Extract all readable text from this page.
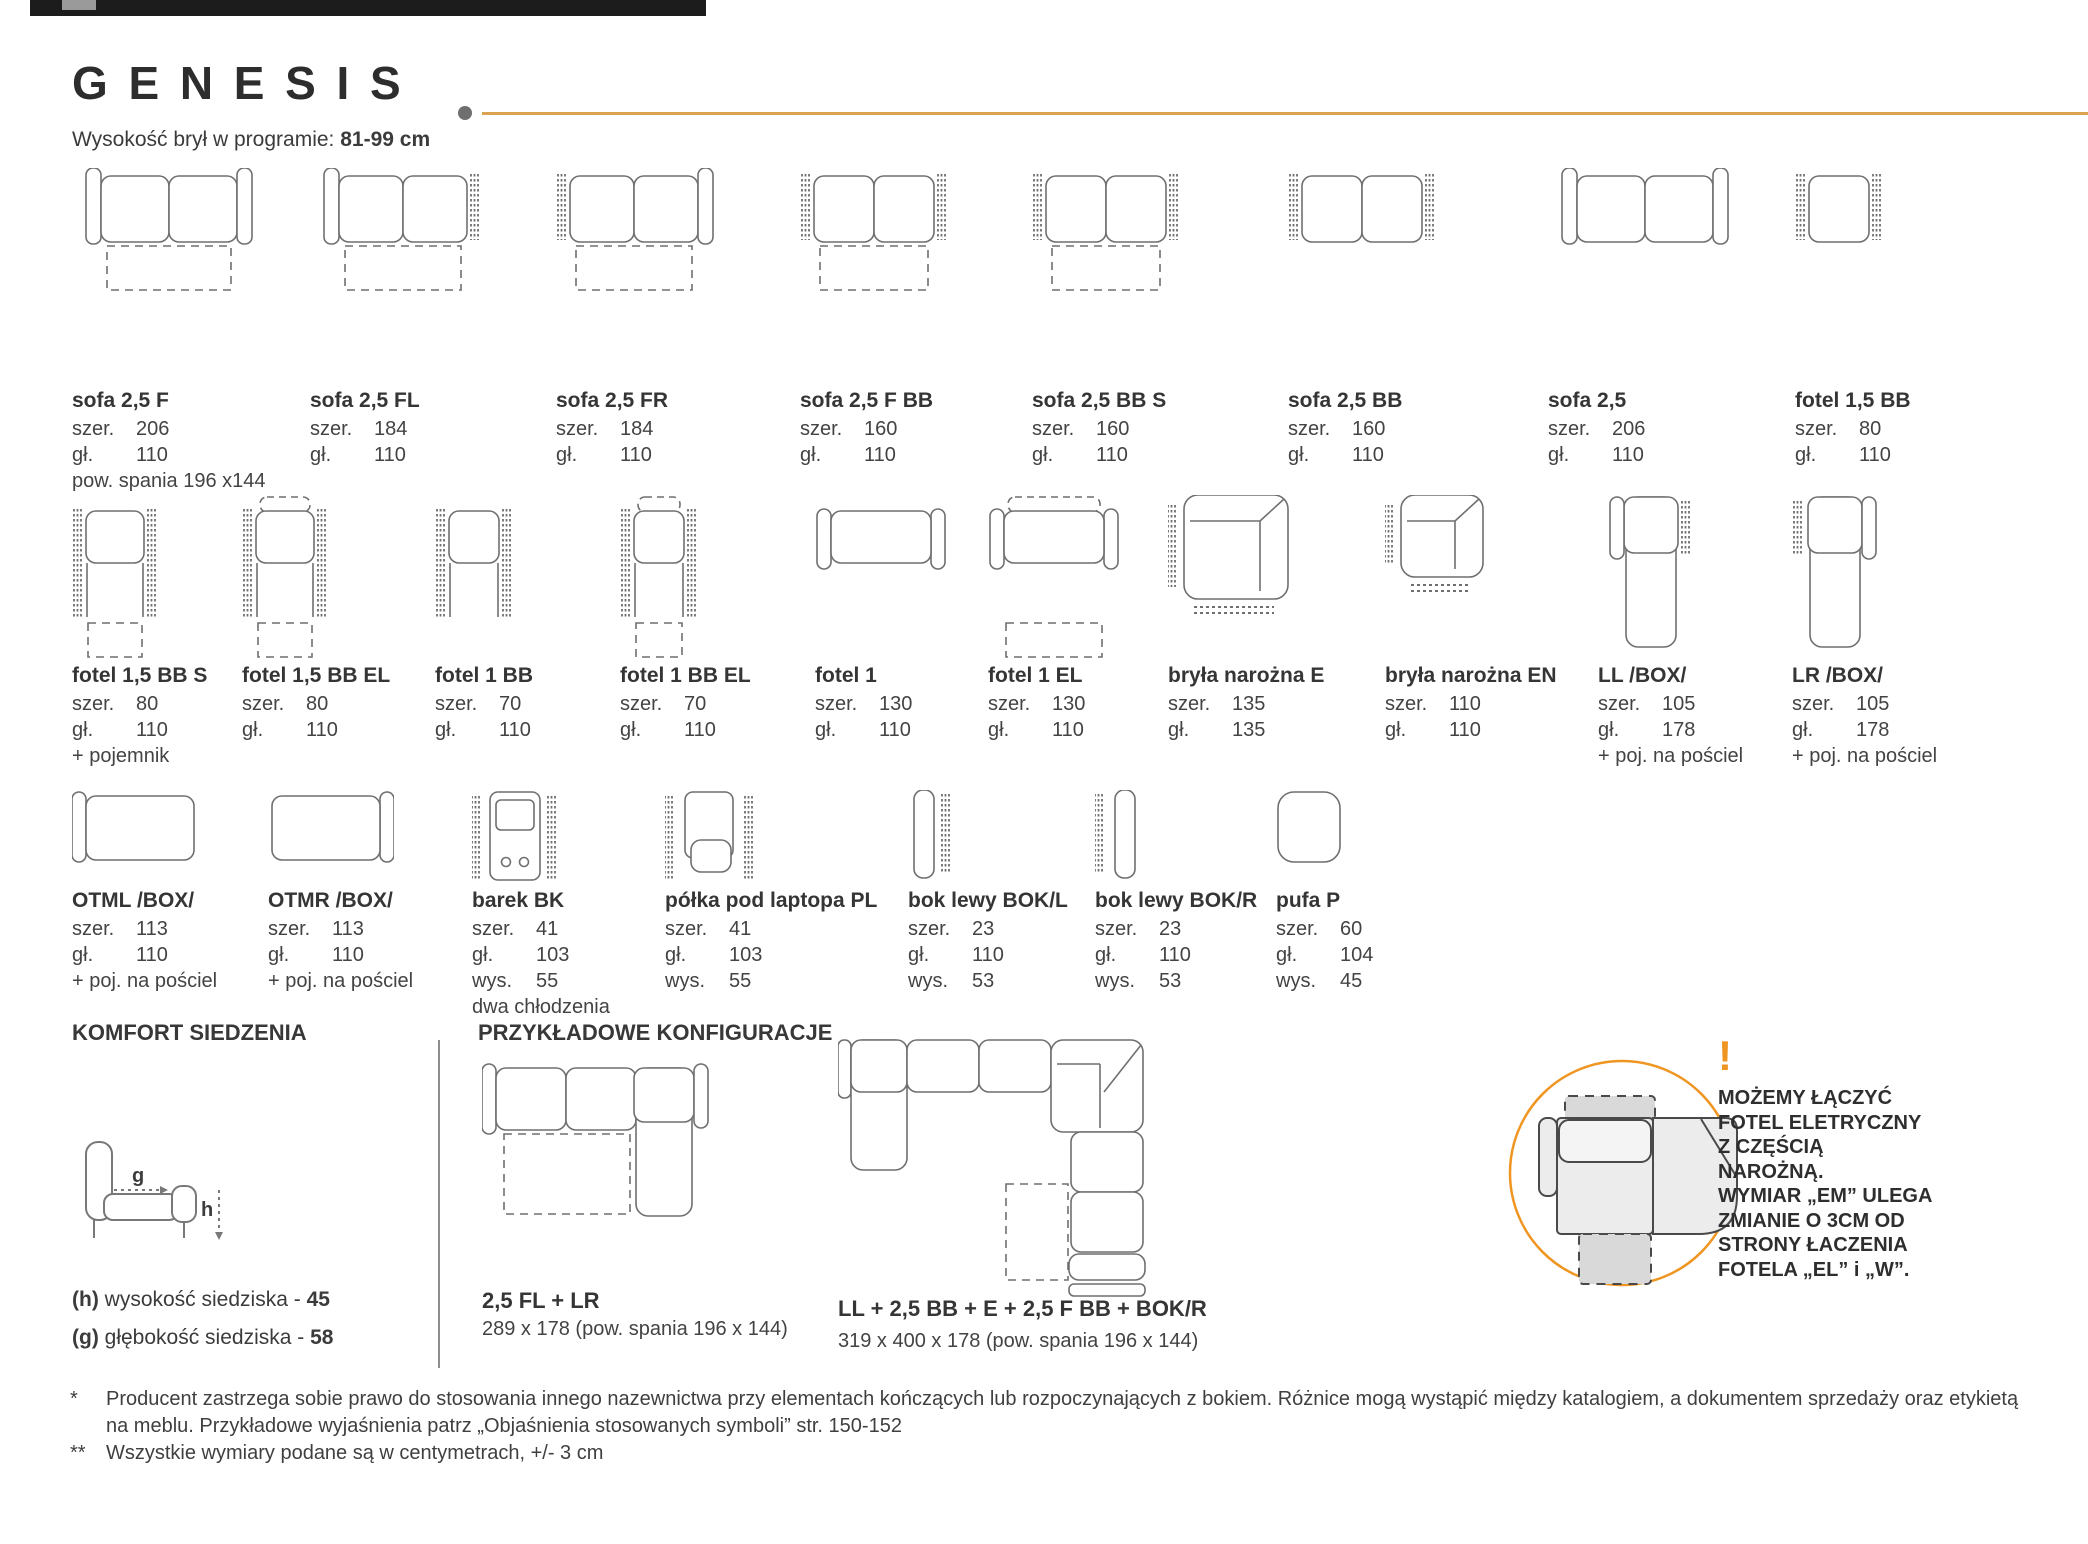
GENESIS
Wysokość brył w programie: 81-99 cm
sofa 2,5 F
szer. 206
gł. 110
pow. spania 196 x144
sofa 2,5 FL
szer. 184
gł. 110
sofa 2,5 FR
szer. 184
gł. 110
sofa 2,5 F BB
szer. 160
gł. 110
sofa 2,5 BB S
szer. 160
gł. 110
sofa 2,5 BB
szer. 160
gł. 110
sofa 2,5
szer. 206
gł. 110
fotel 1,5 BB
szer. 80
gł. 110
fotel 1,5 BB S
szer. 80
gł. 110
+ pojemnik
fotel 1,5 BB EL
szer. 80
gł. 110
fotel 1 BB
szer. 70
gł. 110
fotel 1 BB EL
szer. 70
gł. 110
fotel 1
szer. 130
gł. 110
fotel 1 EL
szer. 130
gł. 110
bryła narożna E
szer. 135
gł. 135
bryła narożna EN
szer. 110
gł. 110
LL /BOX/
szer. 105
gł. 178
+ poj. na pościel
LR /BOX/
szer. 105
gł. 178
+ poj. na pościel
OTML /BOX/
szer. 113
gł. 110
+ poj. na pościel
OTMR /BOX/
szer. 113
gł. 110
+ poj. na pościel
barek BK
szer. 41
gł. 103
wys. 55
dwa chłodzenia
półka pod laptopa PL
szer. 41
gł. 103
wys. 55
bok lewy BOK/L
szer. 23
gł. 110
wys. 53
bok lewy BOK/R
szer. 23
gł. 110
wys. 53
pufa P
szer. 60
gł. 104
wys. 45
KOMFORT SIEDZENIA
g
h
(h) wysokość siedziska - 45
(g) głębokość siedziska - 58
PRZYKŁADOWE KONFIGURACJE
2,5 FL + LR
289 x 178 (pow. spania 196 x 144)
LL + 2,5 BB + E + 2,5 F BB + BOK/R
319 x 400 x 178 (pow. spania 196 x 144)
!
MOŻEMY ŁĄCZYĆ
FOTEL ELETRYCZNY
Z CZĘŚCIĄ
NAROŻNĄ.
WYMIAR „EM” ULEGA
ZMIANIE O 3CM OD
STRONY ŁACZENIA
FOTELA „EL” i „W”.
* Producent zastrzega sobie prawo do stosowania innego nazewnictwa przy elementach kończących lub rozpoczynających z bokiem. Różnice mogą wystąpić między katalogiem, a dokumentem sprzedaży oraz etykietą na meblu. Przykładowe wyjaśnienia patrz „Objaśnienia stosowanych symboli” str. 150-152
** Wszystkie wymiary podane są w centymetrach, +/- 3 cm
